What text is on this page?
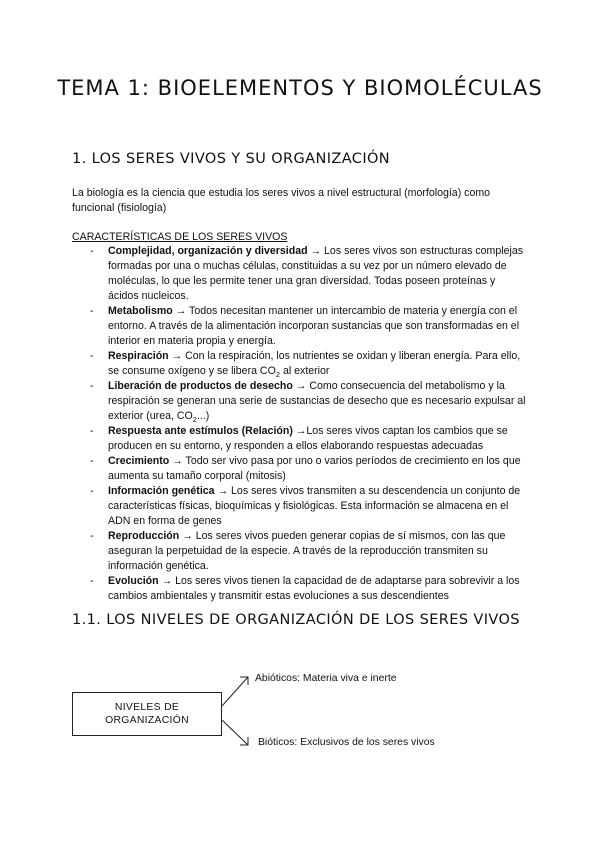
TEMA 1: BIOELEMENTOS Y BIOMOLÉCULAS
1. LOS SERES VIVOS Y SU ORGANIZACIÓN

La biología es la ciencia que estudia los seres vivos a nivel estructural (morfología) como funcional (fisiología)

CARACTERÍSTICAS DE LOS SERES VIVOS

- Complejidad, organización y diversidad → Los seres vivos son estructuras complejas formadas por una o muchas células, constituidas a su vez por un número elevado de moléculas, lo que les permite tener una gran diversidad. Todas poseen proteínas y ácidos nucleicos.
- Metabolismo → Todos necesitan mantener un intercambio de materia y energía con el entorno. A través de la alimentación incorporan sustancias que son transformadas en el interior en materia propia y energía.
- Respiración → Con la respiración, los nutrientes se oxidan y liberan energía. Para ello, se consume oxígeno y se libera $CO_2$ al exterior
- Liberación de productos de desecho → Como consecuencia del metabolismo y la respiración se generan una serie de sustancias de desecho que es necesario expulsar al exterior (urea, $CO_2$...)
- Respuesta ante estímulos (Relación) →Los seres vivos captan los cambios que se producen en su entorno, y responden a ellos elaborando respuestas adecuadas
- Crecimiento → Todo ser vivo pasa por uno o varios períodos de crecimiento en los que aumenta su tamaño corporal (mitosis)
- Información genética → Los seres vivos transmiten a su descendencia un conjunto de características físicas, bioquímicas y fisiológicas. Esta información se almacena en el ADN en forma de genes
- Reproducción → Los seres vivos pueden generar copias de sí mismos, con las que aseguran la perpetuidad de la especie. A través de la reproducción transmiten su información genética.
- Evolución → Los seres vivos tienen la capacidad de de adaptarse para sobrevivir a los cambios ambientales y transmitir estas evoluciones a sus descendientes
1.1. LOS NIVELES DE ORGANIZACIÓN DE LOS SERES VIVOS
NIVELES DE
ORGANIZACIÓN
Abióticos: Materia viva e inerte
Bióticos: Exclusivos de los seres vivos
